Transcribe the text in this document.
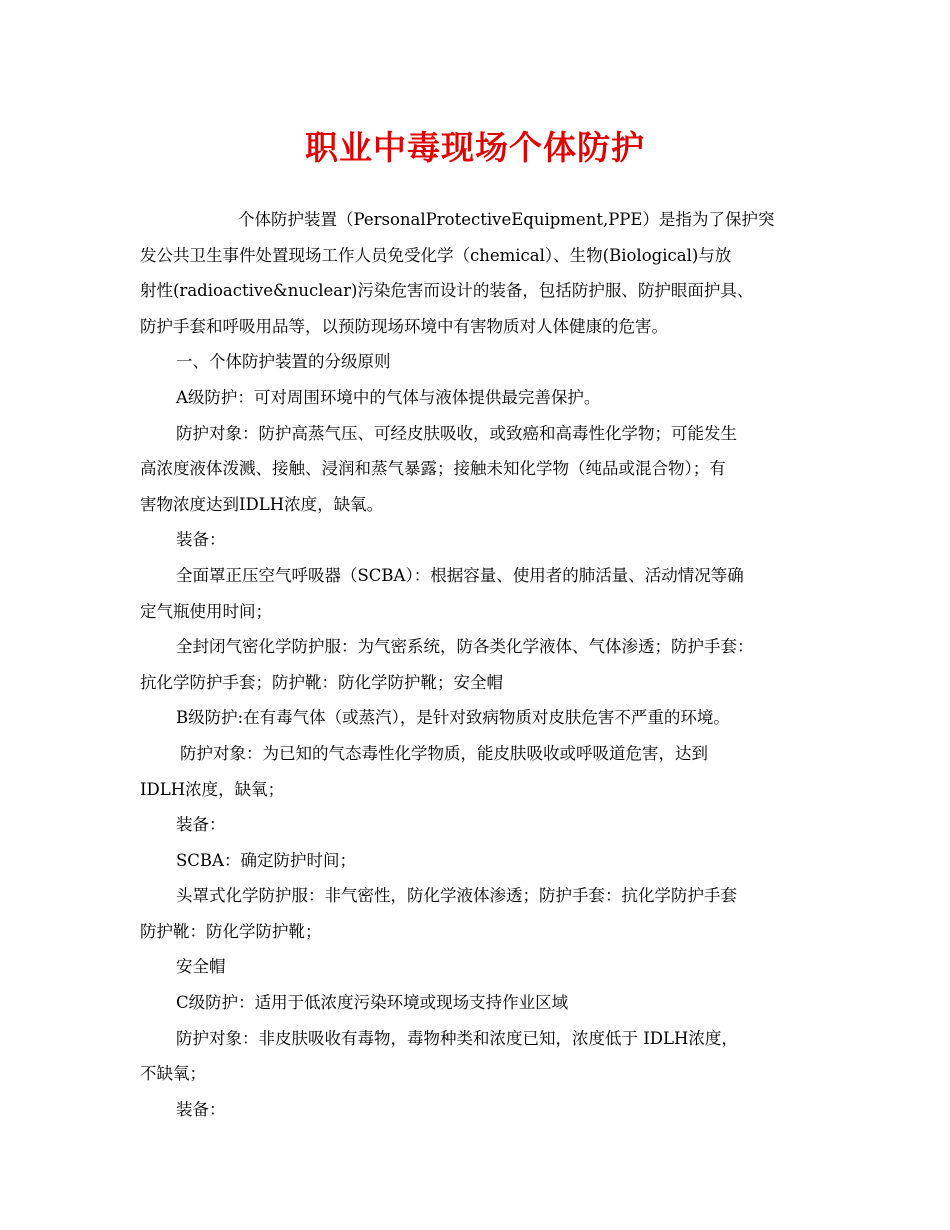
职业中毒现场个体防护
个体防护装置（PersonalProtectiveEquipment,PPE）是指为了保护突
发公共卫生事件处置现场工作人员免受化学（chemical）、生物(Biological)与放
射性(radioactive&nuclear)污染危害而设计的装备，包括防护服、防护眼面护具、
防护手套和呼吸用品等，以预防现场环境中有害物质对人体健康的危害。
一、个体防护装置的分级原则
A级防护：可对周围环境中的气体与液体提供最完善保护。
防护对象：防护高蒸气压、可经皮肤吸收，或致癌和高毒性化学物；可能发生
高浓度液体泼溅、接触、浸润和蒸气暴露；接触未知化学物（纯品或混合物）；有
害物浓度达到IDLH浓度，缺氧。
装备：
全面罩正压空气呼吸器（SCBA）：根据容量、使用者的肺活量、活动情况等确
定气瓶使用时间；
全封闭气密化学防护服：为气密系统，防各类化学液体、气体渗透；防护手套：
抗化学防护手套；防护靴：防化学防护靴；安全帽
B级防护:在有毒气体（或蒸汽），是针对致病物质对皮肤危害不严重的环境。
防护对象：为已知的气态毒性化学物质，能皮肤吸收或呼吸道危害，达到
IDLH浓度，缺氧；
装备：
SCBA：确定防护时间；
头罩式化学防护服：非气密性，防化学液体渗透；防护手套：抗化学防护手套
防护靴：防化学防护靴；
安全帽
C级防护：适用于低浓度污染环境或现场支持作业区域
防护对象：非皮肤吸收有毒物，毒物种类和浓度已知，浓度低于 IDLH浓度，
不缺氧；
装备：
